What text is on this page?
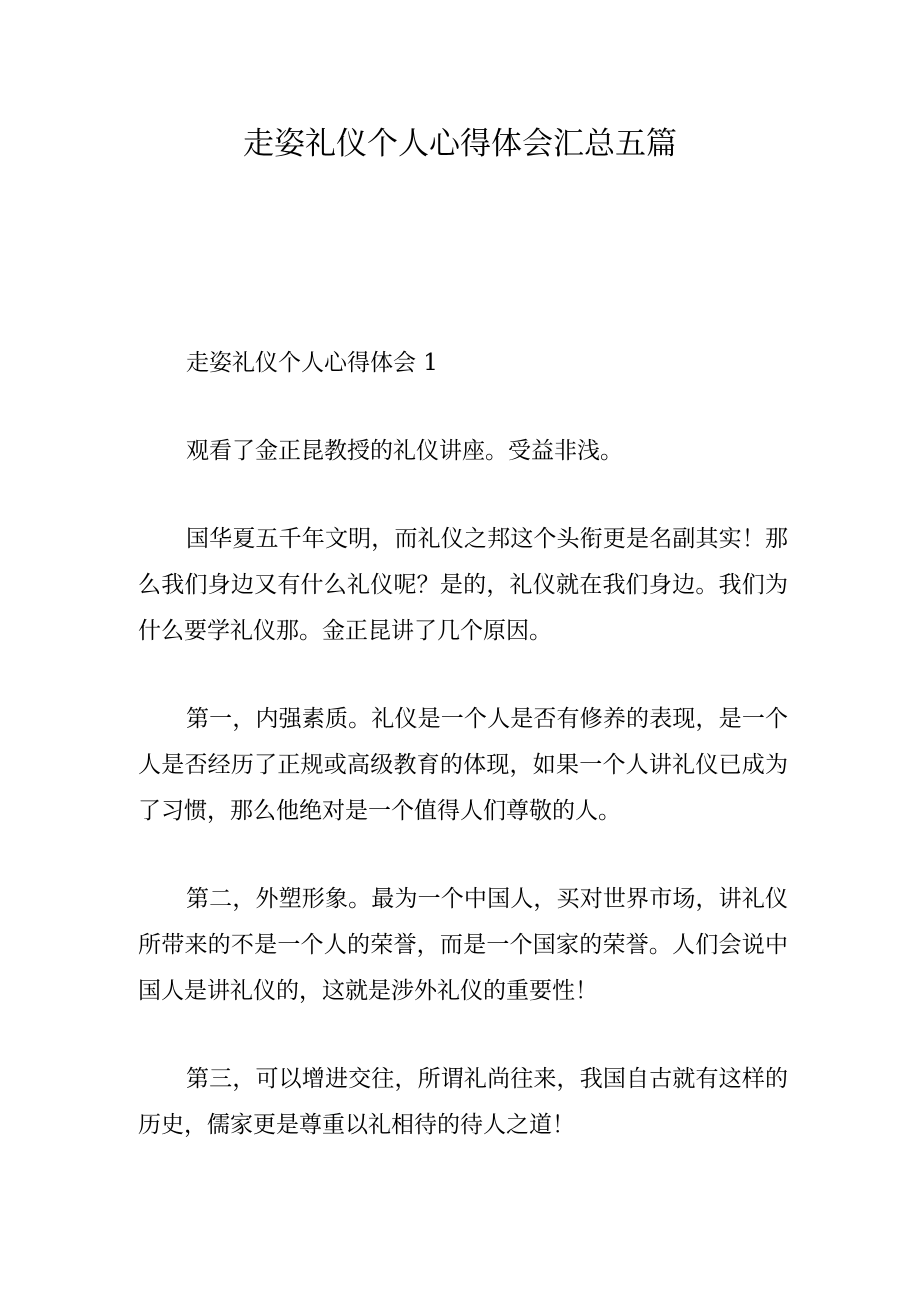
走姿礼仪个人心得体会汇总五篇

走姿礼仪个人心得体会 1

观看了金正昆教授的礼仪讲座。受益非浅。

国华夏五千年文明，而礼仪之邦这个头衔更是名副其实！那么我们身边又有什么礼仪呢？是的，礼仪就在我们身边。我们为什么要学礼仪那。金正昆讲了几个原因。

第一，内强素质。礼仪是一个人是否有修养的表现，是一个人是否经历了正规或高级教育的体现，如果一个人讲礼仪已成为了习惯，那么他绝对是一个值得人们尊敬的人。

第二，外塑形象。最为一个中国人，买对世界市场，讲礼仪所带来的不是一个人的荣誉，而是一个国家的荣誉。人们会说中国人是讲礼仪的，这就是涉外礼仪的重要性！

第三，可以增进交往，所谓礼尚往来，我国自古就有这样的历史，儒家更是尊重以礼相待的待人之道！
